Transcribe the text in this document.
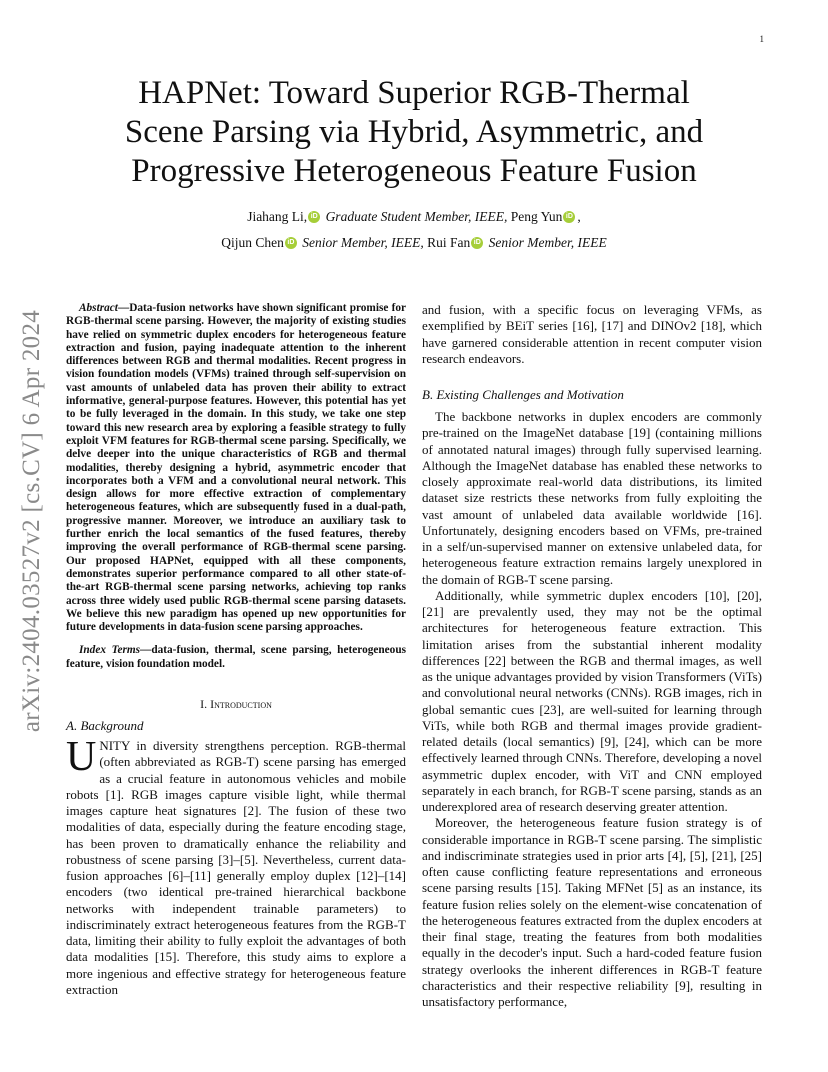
1
arXiv:2404.03527v2 [cs.CV] 6 Apr 2024
HAPNet: Toward Superior RGB-Thermal Scene Parsing via Hybrid, Asymmetric, and Progressive Heterogeneous Feature Fusion
Jiahang Li, iD Graduate Student Member, IEEE, Peng Yun iD ,
Qijun Chen iD Senior Member, IEEE, Rui Fan iD Senior Member, IEEE

Abstract—Data-fusion networks have shown significant promise for RGB-thermal scene parsing. However, the majority of existing studies have relied on symmetric duplex encoders for heterogeneous feature extraction and fusion, paying inadequate attention to the inherent differences between RGB and thermal modalities. Recent progress in vision foundation models (VFMs) trained through self-supervision on vast amounts of unlabeled data has proven their ability to extract informative, general-purpose features. However, this potential has yet to be fully leveraged in the domain. In this study, we take one step toward this new research area by exploring a feasible strategy to fully exploit VFM features for RGB-thermal scene parsing. Specifically, we delve deeper into the unique characteristics of RGB and thermal modalities, thereby designing a hybrid, asymmetric encoder that incorporates both a VFM and a convolutional neural network. This design allows for more effective extraction of complementary heterogeneous features, which are subsequently fused in a dual-path, progressive manner. Moreover, we introduce an auxiliary task to further enrich the local semantics of the fused features, thereby improving the overall performance of RGB-thermal scene parsing. Our proposed HAPNet, equipped with all these components, demonstrates superior performance compared to all other state-of-the-art RGB-thermal scene parsing networks, achieving top ranks across three widely used public RGB-thermal scene parsing datasets. We believe this new paradigm has opened up new opportunities for future developments in data-fusion scene parsing approaches.

Index Terms—data-fusion, thermal, scene parsing, heterogeneous feature, vision foundation model.

I. Introduction
A. Background

UNITY in diversity strengthens perception. RGB-thermal (often abbreviated as RGB-T) scene parsing has emerged as a crucial feature in autonomous vehicles and mobile robots [1]. RGB images capture visible light, while thermal images capture heat signatures [2]. The fusion of these two modalities of data, especially during the feature encoding stage, has been proven to dramatically enhance the reliability and robustness of scene parsing [3]–[5]. Nevertheless, current data-fusion approaches [6]–[11] generally employ duplex [12]–[14] encoders (two identical pre-trained hierarchical backbone networks with independent trainable parameters) to indiscriminately extract heterogeneous features from the RGB-T data, limiting their ability to fully exploit the advantages of both data modalities [15]. Therefore, this study aims to explore a more ingenious and effective strategy for heterogeneous feature extraction

and fusion, with a specific focus on leveraging VFMs, as exemplified by BEiT series [16], [17] and DINOv2 [18], which have garnered considerable attention in recent computer vision research endeavors.

B. Existing Challenges and Motivation

The backbone networks in duplex encoders are commonly pre-trained on the ImageNet database [19] (containing millions of annotated natural images) through fully supervised learning. Although the ImageNet database has enabled these networks to closely approximate real-world data distributions, its limited dataset size restricts these networks from fully exploiting the vast amount of unlabeled data available worldwide [16]. Unfortunately, designing encoders based on VFMs, pre-trained in a self/un-supervised manner on extensive unlabeled data, for heterogeneous feature extraction remains largely unexplored in the domain of RGB-T scene parsing.

Additionally, while symmetric duplex encoders [10], [20], [21] are prevalently used, they may not be the optimal architectures for heterogeneous feature extraction. This limitation arises from the substantial inherent modality differences [22] between the RGB and thermal images, as well as the unique advantages provided by vision Transformers (ViTs) and convolutional neural networks (CNNs). RGB images, rich in global semantic cues [23], are well-suited for learning through ViTs, while both RGB and thermal images provide gradient-related details (local semantics) [9], [24], which can be more effectively learned through CNNs. Therefore, developing a novel asymmetric duplex encoder, with ViT and CNN employed separately in each branch, for RGB-T scene parsing, stands as an underexplored area of research deserving greater attention.

Moreover, the heterogeneous feature fusion strategy is of considerable importance in RGB-T scene parsing. The simplistic and indiscriminate strategies used in prior arts [4], [5], [21], [25] often cause conflicting feature representations and erroneous scene parsing results [15]. Taking MFNet [5] as an instance, its feature fusion relies solely on the element-wise concatenation of the heterogeneous features extracted from the duplex encoders at their final stage, treating the features from both modalities equally in the decoder's input. Such a hard-coded feature fusion strategy overlooks the inherent differences in RGB-T feature characteristics and their respective reliability [9], resulting in unsatisfactory performance,
